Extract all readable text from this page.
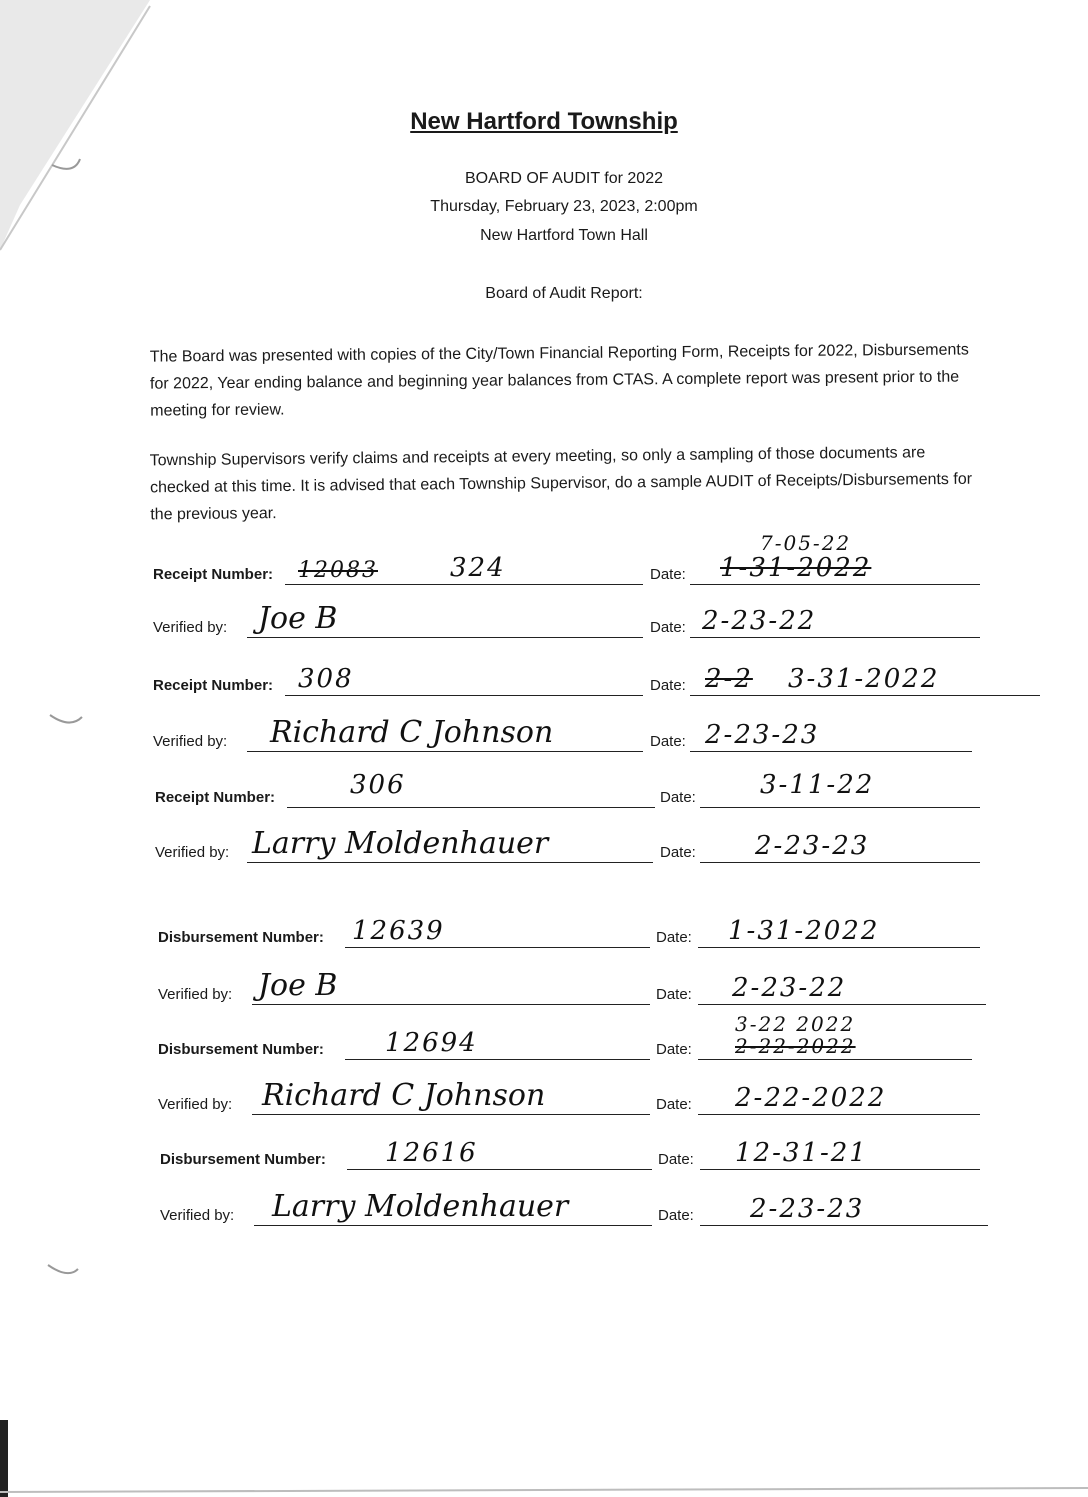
New Hartford Township
BOARD OF AUDIT for 2022
Thursday, February 23, 2023, 2:00pm
New Hartford Town Hall
Board of Audit Report:
The Board was presented with copies of the City/Town Financial Reporting Form, Receipts for 2022, Disbursements for 2022, Year ending balance and beginning year balances from CTAS. A complete report was present prior to the meeting for review.
Township Supervisors verify claims and receipts at every meeting, so only a sampling of those documents are checked at this time. It is advised that each Township Supervisor, do a sample AUDIT of Receipts/Disbursements for the previous year.
Receipt Number: 12083	324	Date:
7-05-22
1-31-2022
Verified by: Joe B	Date: 2-23-22
Receipt Number: 308	Date: 2-2 3-31-2022
Verified by: Richard C Johnson	Date: 2-23-23
Receipt Number:	306	Date: 3-11-22
Verified by: Larry Moldenhauer	Date: 2-23-23
Disbursement Number: 12639	Date: 1-31-2022
Verified by: Joe B	Date: 2-23-22
Disbursement Number: 12694	Date:
3-22 2022
2-22-2022
Verified by: Richard C Johnson	Date: 2-22-2022
Disbursement Number: 12616	Date: 12-31-21
Verified by: Larry Moldenhauer	Date: 2-23-23
